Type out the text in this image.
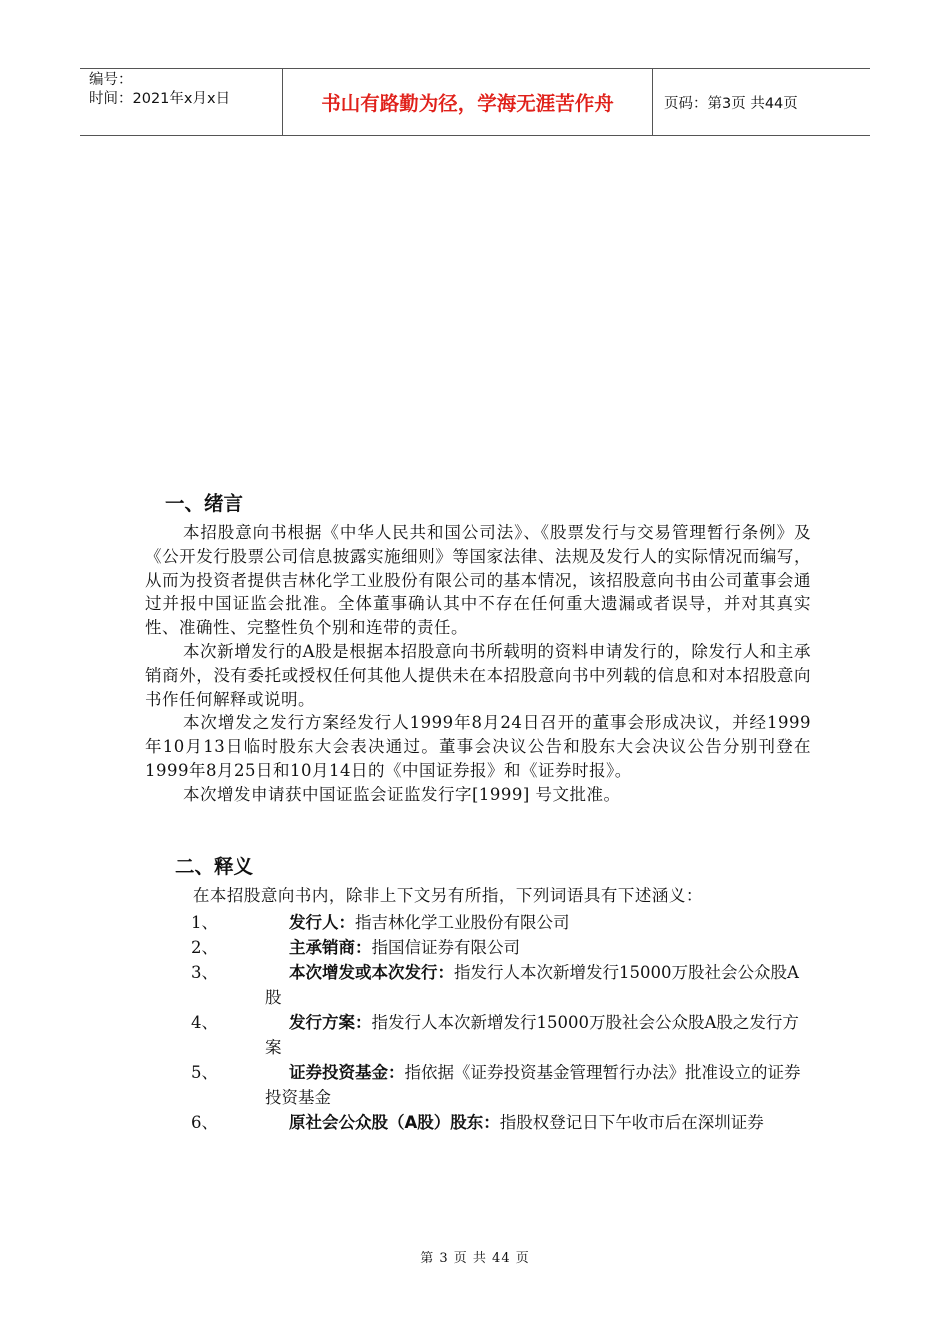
编号：
时间：2021年x月x日	书山有路勤为径，学海无涯苦作舟	页码：第3页 共44页
一、绪言

本招股意向书根据《中华人民共和国公司法》、《股票发行与交易管理暂行条例》及《公开发行股票公司信息披露实施细则》等国家法律、法规及发行人的实际情况而编写，从而为投资者提供吉林化学工业股份有限公司的基本情况，该招股意向书由公司董事会通过并报中国证监会批准。全体董事确认其中不存在任何重大遗漏或者误导，并对其真实性、准确性、完整性负个别和连带的责任。

本次新增发行的A股是根据本招股意向书所载明的资料申请发行的，除发行人和主承销商外，没有委托或授权任何其他人提供未在本招股意向书中列载的信息和对本招股意向书作任何解释或说明。

本次增发之发行方案经发行人1999年8月24日召开的董事会形成决议，并经1999年10月13日临时股东大会表决通过。董事会决议公告和股东大会决议公告分别刊登在1999年8月25日和10月14日的《中国证券报》和《证券时报》。

本次增发申请获中国证监会证监发行字[1999] 号文批准。

二、释义

在本招股意向书内，除非上下文另有所指，下列词语具有下述涵义：

1、	发行人：指吉林化学工业股份有限公司
2、	主承销商：指国信证券有限公司
3、	本次增发或本次发行：指发行人本次新增发行15000万股社会公众股A股
4、	发行方案：指发行人本次新增发行15000万股社会公众股A股之发行方案
5、	证券投资基金：指依据《证券投资基金管理暂行办法》批准设立的证券投资基金
6、	原社会公众股（A股）股东：指股权登记日下午收市后在深圳证券
第 3 页 共 44 页
